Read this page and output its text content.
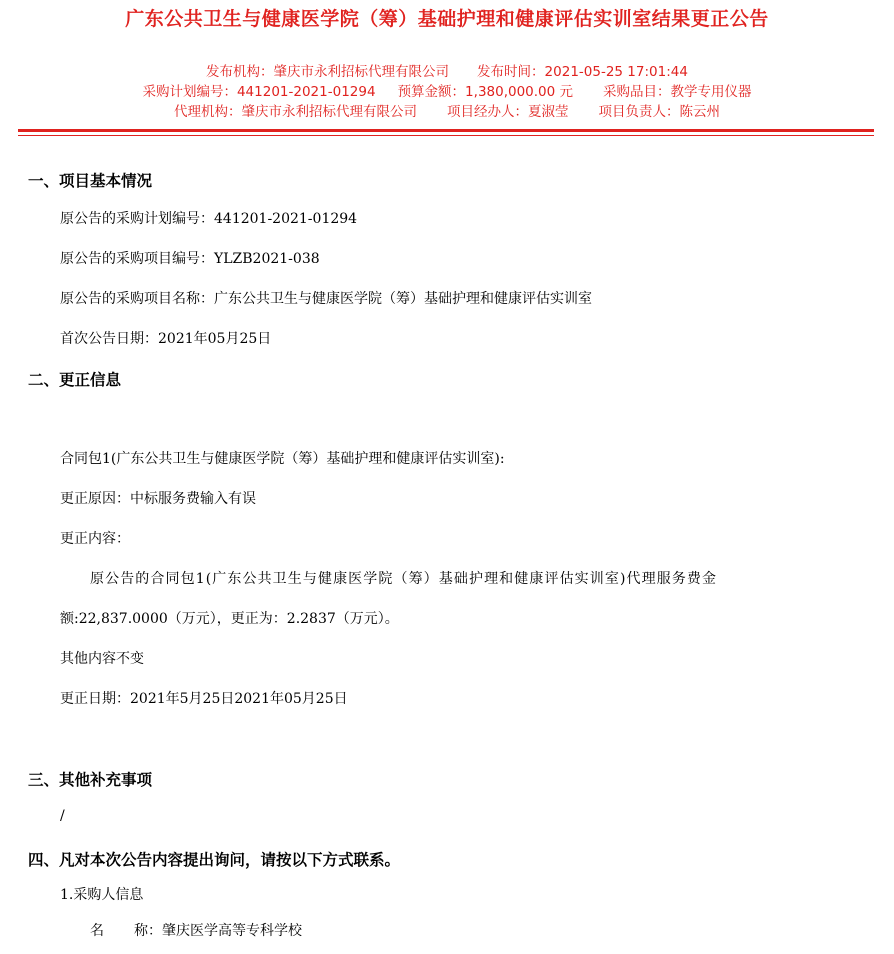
广东公共卫生与健康医学院（筹）基础护理和健康评估实训室结果更正公告
发布机构：肇庆市永利招标代理有限公司 发布时间：2021-05-25 17:01:44
采购计划编号：441201-2021-01294 预算金额：1,380,000.00 元 采购品目：教学专用仪器
代理机构：肇庆市永利招标代理有限公司 项目经办人：夏淑莹 项目负责人：陈云州
一、项目基本情况
原公告的采购计划编号：441201-2021-01294
原公告的采购项目编号：YLZB2021-038
原公告的采购项目名称：广东公共卫生与健康医学院（筹）基础护理和健康评估实训室
首次公告日期：2021年05月25日
二、更正信息
合同包1(广东公共卫生与健康医学院（筹）基础护理和健康评估实训室):
更正原因：中标服务费输入有误
更正内容：
原公告的合同包1(广东公共卫生与健康医学院（筹）基础护理和健康评估实训室)代理服务费金
额:22,837.0000（万元），更正为：2.2837（万元）。
其他内容不变
更正日期：2021年5月25日2021年05月25日
三、其他补充事项
/
四、凡对本次公告内容提出询问，请按以下方式联系。
1.采购人信息
名 称：肇庆医学高等专科学校
